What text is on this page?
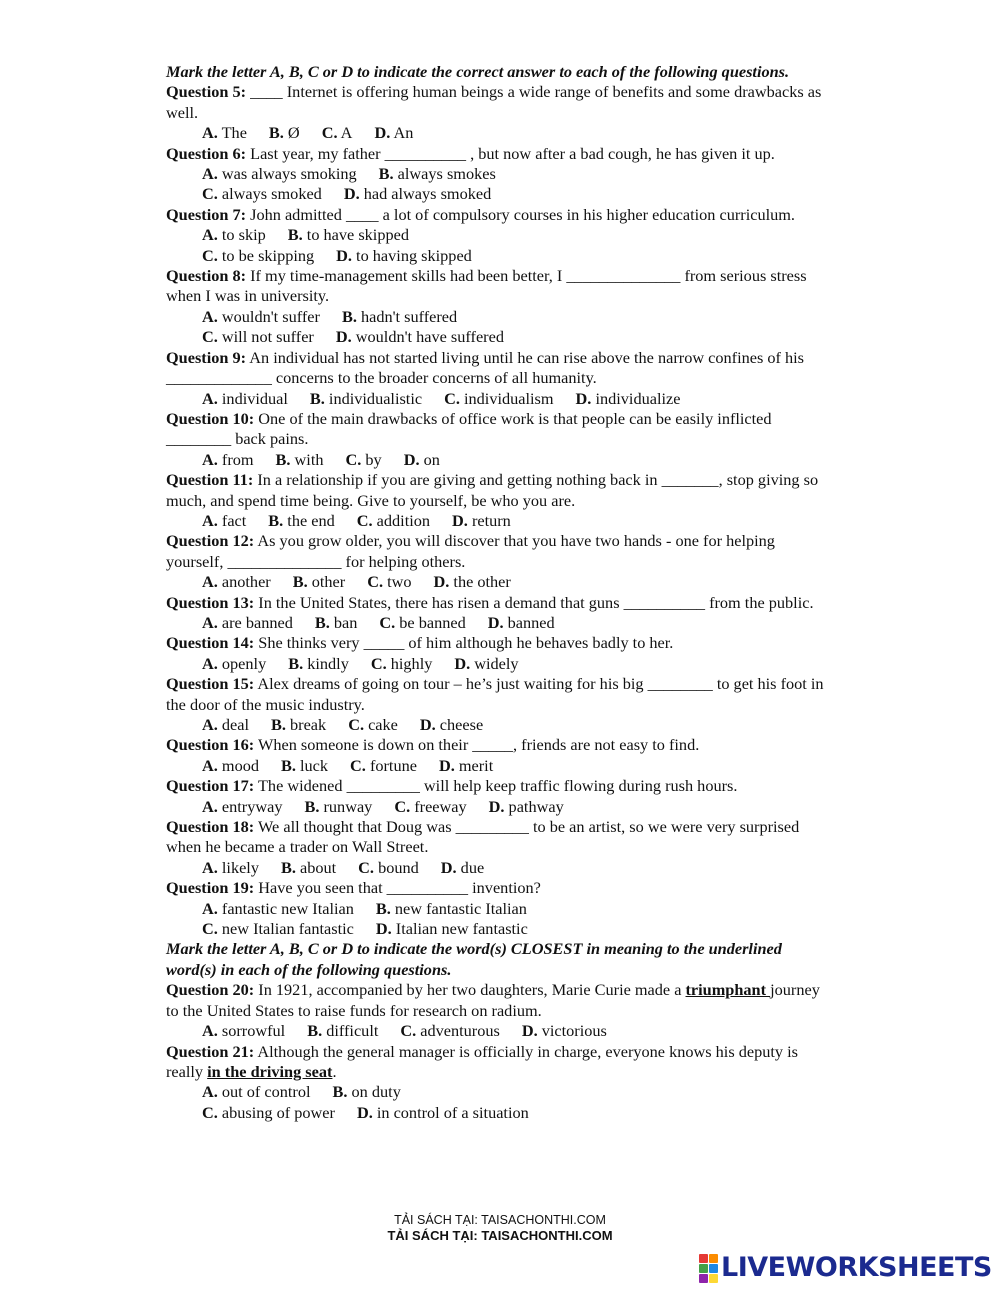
Mark the letter A, B, C or D to indicate the correct answer to each of the following questions.
Question 5: ____ Internet is offering human beings a wide range of benefits and some drawbacks as well.
A. The B. Ø C. A D. An
Question 6: Last year, my father __________ , but now after a bad cough, he has given it up.
A. was always smoking B. always smokes
C. always smoked D. had always smoked
Question 7: John admitted ____ a lot of compulsory courses in his higher education curriculum.
A. to skip B. to have skipped
C. to be skipping D. to having skipped
Question 8: If my time-management skills had been better, I ______________ from serious stress when I was in university.
A. wouldn't suffer B. hadn't suffered
C. will not suffer D. wouldn't have suffered
Question 9: An individual has not started living until he can rise above the narrow confines of his _____________ concerns to the broader concerns of all humanity.
A. individual B. individualistic C. individualism D. individualize
Question 10: One of the main drawbacks of office work is that people can be easily inflicted ________ back pains.
A. from B. with C. by D. on
Question 11: In a relationship if you are giving and getting nothing back in _______, stop giving so much, and spend time being. Give to yourself, be who you are.
A. fact B. the end C. addition D. return
Question 12: As you grow older, you will discover that you have two hands - one for helping yourself, ______________ for helping others.
A. another B. other C. two D. the other
Question 13: In the United States, there has risen a demand that guns __________ from the public.
A. are banned B. ban C. be banned D. banned
Question 14: She thinks very _____ of him although he behaves badly to her.
A. openly B. kindly C. highly D. widely
Question 15: Alex dreams of going on tour – he’s just waiting for his big ________ to get his foot in the door of the music industry.
A. deal B. break C. cake D. cheese
Question 16: When someone is down on their _____, friends are not easy to find.
A. mood B. luck C. fortune D. merit
Question 17: The widened _________ will help keep traffic flowing during rush hours.
A. entryway B. runway C. freeway D. pathway
Question 18: We all thought that Doug was _________ to be an artist, so we were very surprised when he became a trader on Wall Street.
A. likely B. about C. bound D. due
Question 19: Have you seen that __________ invention?
A. fantastic new Italian B. new fantastic Italian
C. new Italian fantastic D. Italian new fantastic
Mark the letter A, B, C or D to indicate the word(s) CLOSEST in meaning to the underlined word(s) in each of the following questions.
Question 20: In 1921, accompanied by her two daughters, Marie Curie made a triumphant journey to the United States to raise funds for research on radium.
A. sorrowful B. difficult C. adventurous D. victorious
Question 21: Although the general manager is officially in charge, everyone knows his deputy is really in the driving seat.
A. out of control B. on duty
C. abusing of power D. in control of a situation
TẢI SÁCH TẠI: TAISACHONTHI.COM
TẢI SÁCH TẠI: TAISACHONTHI.COM
LIVEWORKSHEETS
